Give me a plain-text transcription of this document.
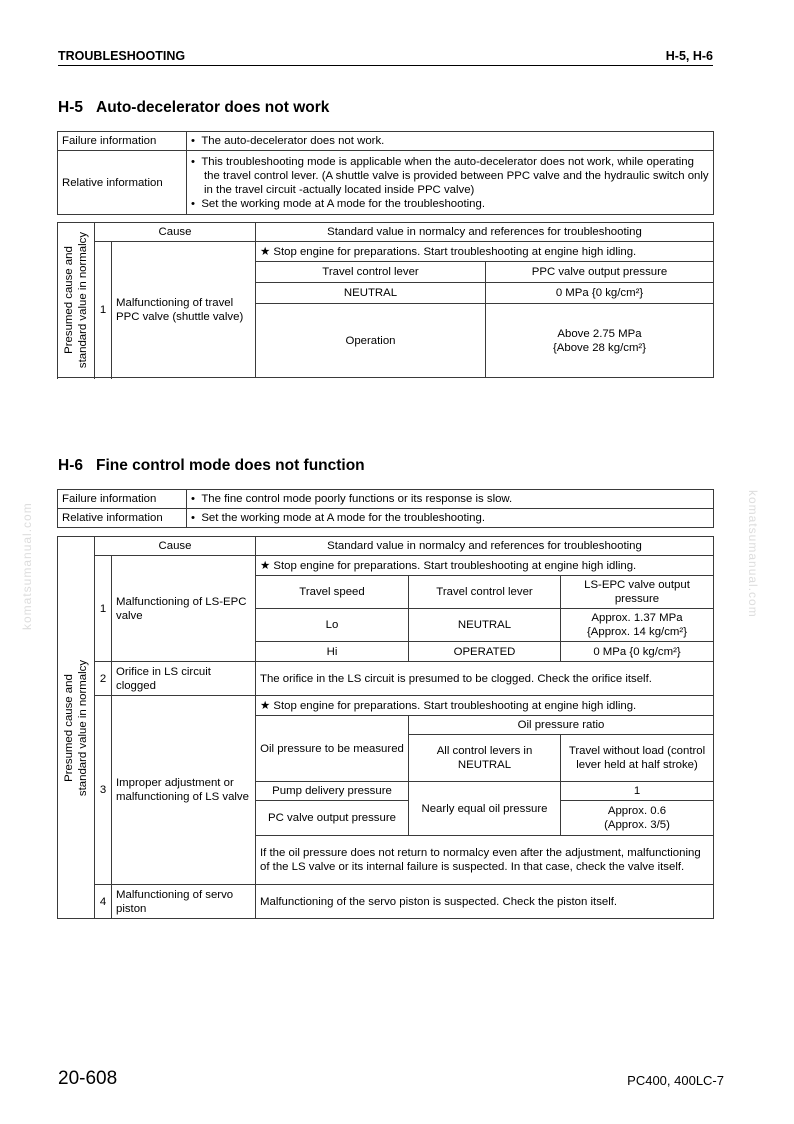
TROUBLESHOOTING	H-5, H-6
H-5 Auto-decelerator does not work
Failure information	•  The auto-decelerator does not work.

Relative information	•  This troubleshooting mode is applicable when the auto-decelerator does not work, while operating the travel control lever. (A shuttle valve is provided between PPC valve and the hydraulic switch only in the travel circuit -actually located inside PPC valve)
•  Set the working mode at A mode for the troubleshooting.
Presumed cause and standard value in normalcy	Cause		Standard value in normalcy and references for troubleshooting	
	1	Malfunctioning of travel PPC valve (shuttle valve)	★ Stop engine for preparations. Start troubleshooting at engine high idling.	
			Travel control lever	PPC valve output pressure
			NEUTRAL	0 MPa {0 kg/cm²}
			Operation	Above 2.75 MPa
{Above 28 kg/cm²}

H-6 Fine control mode does not function
Failure information	•  The fine control mode poorly functions or its response is slow.

Relative information	•  Set the working mode at A mode for the troubleshooting.
Presumed cause and standard value in normalcy	Cause		Standard value in normalcy and references for troubleshooting		
	1	Malfunctioning of LS-EPC valve	★ Stop engine for preparations. Start troubleshooting at engine high idling.		
			Travel speed	Travel control lever	LS-EPC valve output pressure
			Lo	NEUTRAL	Approx. 1.37 MPa
{Approx. 14 kg/cm²}
			Hi	OPERATED	0 MPa {0 kg/cm²}
	2	Orifice in LS circuit clogged	The orifice in the LS circuit is presumed to be clogged. Check the orifice itself.		
	3	Improper adjustment or malfunctioning of LS valve	★ Stop engine for preparations. Start troubleshooting at engine high idling.		
			Oil pressure to be measured	Oil pressure ratio	
				All control levers in NEUTRAL	Travel without load (control lever held at half stroke)
			Pump delivery pressure	Nearly equal oil pressure	1
			PC valve output pressure		Approx. 0.6
(Approx. 3/5)
			If the oil pressure does not return to normalcy even after the adjustment, malfunctioning of the LS valve or its internal failure is suspected. In that case, check the valve itself.		
	4	Malfunctioning of servo piston	Malfunctioning of the servo piston is suspected. Check the piston itself.		
komatsumanual.com	komatsumanual.com
20-608	PC400, 400LC-7
